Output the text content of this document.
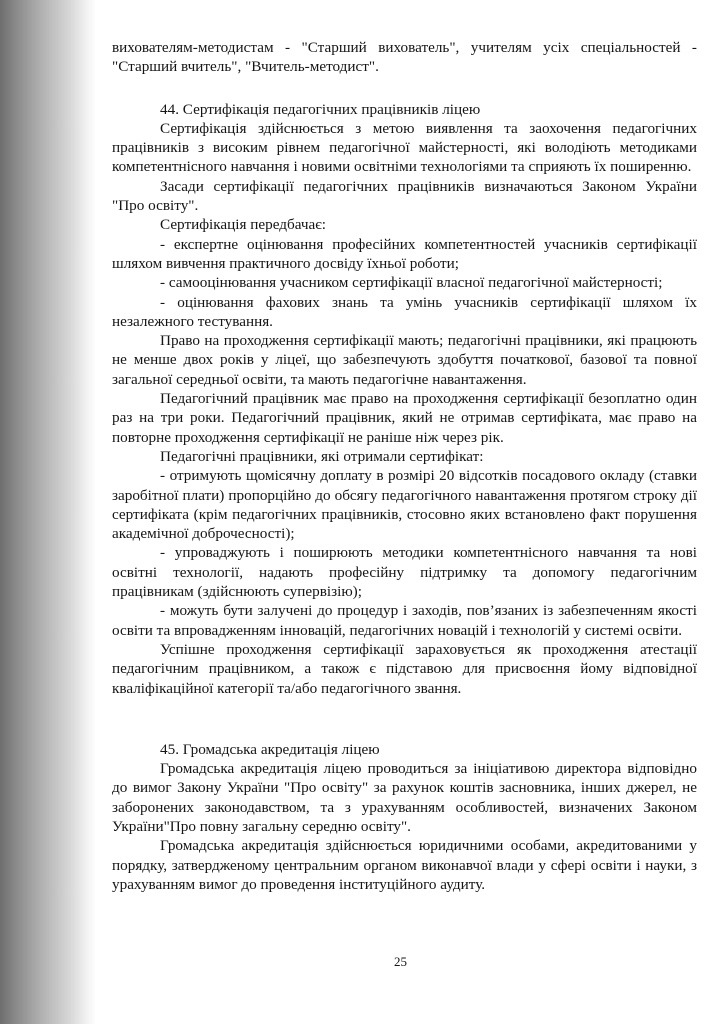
вихователям-методистам - "Старший вихователь", учителям усіх спеціальностей - "Старший вчитель", "Вчитель-методист".

44. Сертифікація педагогічних працівників ліцею

Сертифікація здійснюється з метою виявлення та заохочення педагогічних працівників з високим рівнем педагогічної майстерності, які володіють методиками компетентнісного навчання і новими освітніми технологіями та сприяють їх поширенню.

Засади сертифікації педагогічних працівників визначаються Законом України "Про освіту".

Сертифікація передбачає:

- експертне оцінювання професійних компетентностей учасників сертифікації шляхом вивчення практичного досвіду їхньої роботи;

- самооцінювання учасником сертифікації власної педагогічної майстерності;

- оцінювання фахових знань та умінь учасників сертифікації шляхом їх незалежного тестування.

Право на проходження сертифікації мають; педагогічні працівники, які працюють не менше двох років у ліцеї, що забезпечують здобуття початкової, базової та повної загальної середньої освіти, та мають педагогічне навантаження.

Педагогічний працівник має право на проходження сертифікації безоплатно один раз на три роки. Педагогічний працівник, який не отримав сертифіката, має право на повторне проходження сертифікації не раніше ніж через рік.

Педагогічні працівники, які отримали сертифікат:

- отримують щомісячну доплату в розмірі 20 відсотків посадового окладу (ставки заробітної плати) пропорційно до обсягу педагогічного навантаження протягом строку дії сертифіката (крім педагогічних працівників, стосовно яких встановлено факт порушення академічної доброчесності);

- упроваджують і поширюють методики компетентнісного навчання та нові освітні технології, надають професійну підтримку та допомогу педагогічним працівникам (здійснюють супервізію);

- можуть бути залучені до процедур і заходів, пов’язаних із забезпеченням якості освіти та впровадженням інновацій, педагогічних новацій і технологій у системі освіти.

Успішне проходження сертифікації зараховується як проходження атестації педагогічним працівником, а також є підставою для присвоєння йому відповідної кваліфікаційної категорії та/або педагогічного звання.

45. Громадська акредитація ліцею

Громадська акредитація ліцею проводиться за ініціативою директора відповідно до вимог Закону України "Про освіту" за рахунок коштів засновника, інших джерел, не заборонених законодавством, та з урахуванням особливостей, визначених Законом України"Про повну загальну середню освіту".

Громадська акредитація здійснюється юридичними особами, акредитованими у порядку, затвердженому центральним органом виконавчої влади у сфері освіти і науки, з урахуванням вимог до проведення інституційного аудиту.

25
